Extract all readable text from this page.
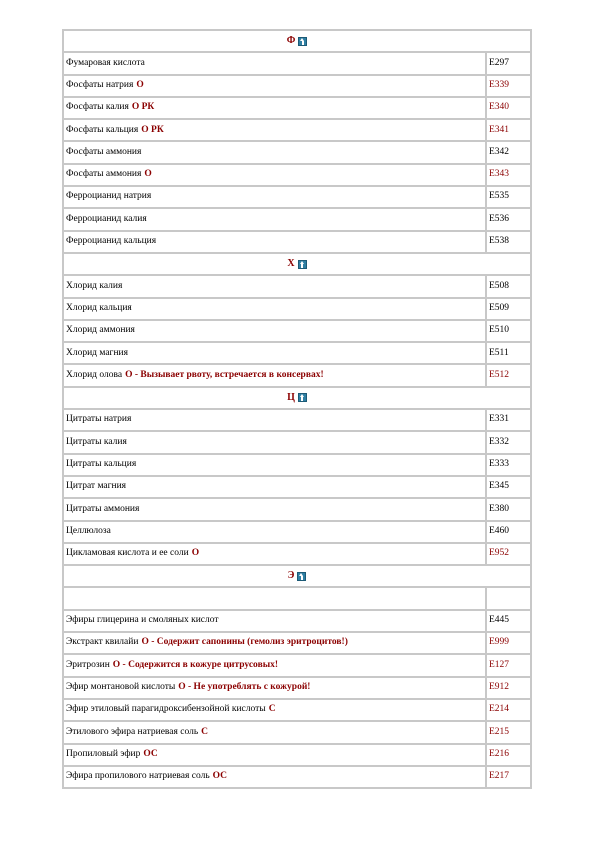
Ф
Фумаровая кислота	E297
Фосфаты натрия О	E339
Фосфаты калия О РК	E340
Фосфаты кальция О РК	E341
Фосфаты аммония	E342
Фосфаты аммония О	E343
Ферроцианид натрия	E535
Ферроцианид калия	E536
Ферроцианид кальция	E538
Х
Хлорид калия	E508
Хлорид кальция	E509
Хлорид аммония	E510
Хлорид магния	E511
Хлорид олова О - Вызывает рвоту, встречается в консервах!	E512
Ц
Цитраты натрия	E331
Цитраты калия	E332
Цитраты кальция	E333
Цитрат магния	E345
Цитраты аммония	E380
Целлюлоза	E460
Цикламовая кислота и ее соли О	E952
Э
Эфиры глицерина и смоляных кислот	E445
Экстракт квилайи О - Содержит сапонины (гемолиз эритроцитов!)	E999
Эритрозин О - Содержится в кожуре цитрусовых!	E127
Эфир монтановой кислоты О - Не употреблять с кожурой!	E912
Эфир этиловый парагидроксибензойной кислоты С	E214
Этилового эфира натриевая соль С	E215
Пропиловый эфир ОС	E216
Эфира пропилового натриевая соль ОС	E217
